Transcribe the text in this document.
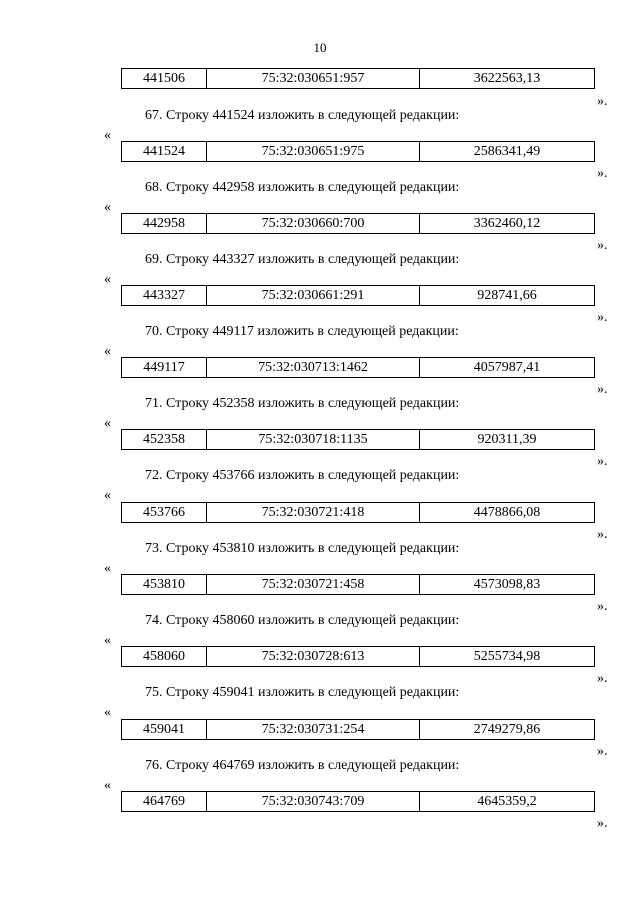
10
441506	75:32:030651:957	3622563,13
».
67. Строку 441524 изложить в следующей редакции:
«
441524	75:32:030651:975	2586341,49
».
68. Строку 442958 изложить в следующей редакции:
«
442958	75:32:030660:700	3362460,12
».
69. Строку 443327 изложить в следующей редакции:
«
443327	75:32:030661:291	928741,66
».
70. Строку 449117 изложить в следующей редакции:
«
449117	75:32:030713:1462	4057987,41
».
71. Строку 452358 изложить в следующей редакции:
«
452358	75:32:030718:1135	920311,39
».
72. Строку 453766 изложить в следующей редакции:
«
453766	75:32:030721:418	4478866,08
».
73. Строку 453810 изложить в следующей редакции:
«
453810	75:32:030721:458	4573098,83
».
74. Строку 458060 изложить в следующей редакции:
«
458060	75:32:030728:613	5255734,98
».
75. Строку 459041 изложить в следующей редакции:
«
459041	75:32:030731:254	2749279,86
».
76. Строку 464769 изложить в следующей редакции:
«
464769	75:32:030743:709	4645359,2
».
